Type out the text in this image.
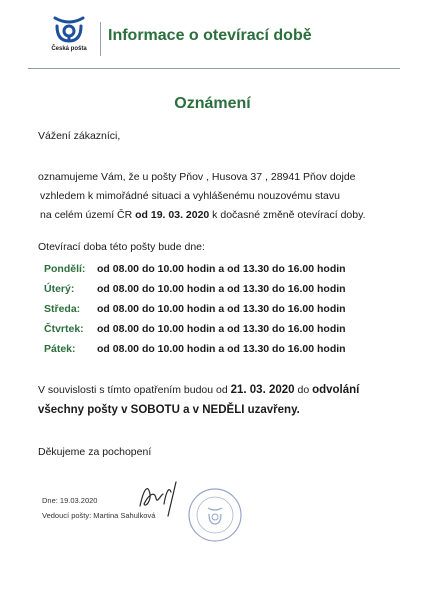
Česká pošta
Informace o otevírací době
Oznámení
Vážení zákazníci,
oznamujeme Vám, že u pošty Pňov , Husova 37 , 28941 Pňov dojde
vzhledem k mimořádné situaci a vyhlášenému nouzovému stavu
na celém území ČR od 19. 03. 2020 k dočasné změně otevírací doby.
Otevírací doba této pošty bude dne:
Pondělí: od 08.00 do 10.00 hodin a od 13.30 do 16.00 hodin
Úterý: od 08.00 do 10.00 hodin a od 13.30 do 16.00 hodin
Středa: od 08.00 do 10.00 hodin a od 13.30 do 16.00 hodin
Čtvrtek: od 08.00 do 10.00 hodin a od 13.30 do 16.00 hodin
Pátek: od 08.00 do 10.00 hodin a od 13.30 do 16.00 hodin
V souvislosti s tímto opatřením budou od 21. 03. 2020 do odvolání
všechny pošty v SOBOTU a v NEDĚLI uzavřeny.
Děkujeme za pochopení
Dne: 19.03.2020
Vedoucí pošty: Martina Sahulková
